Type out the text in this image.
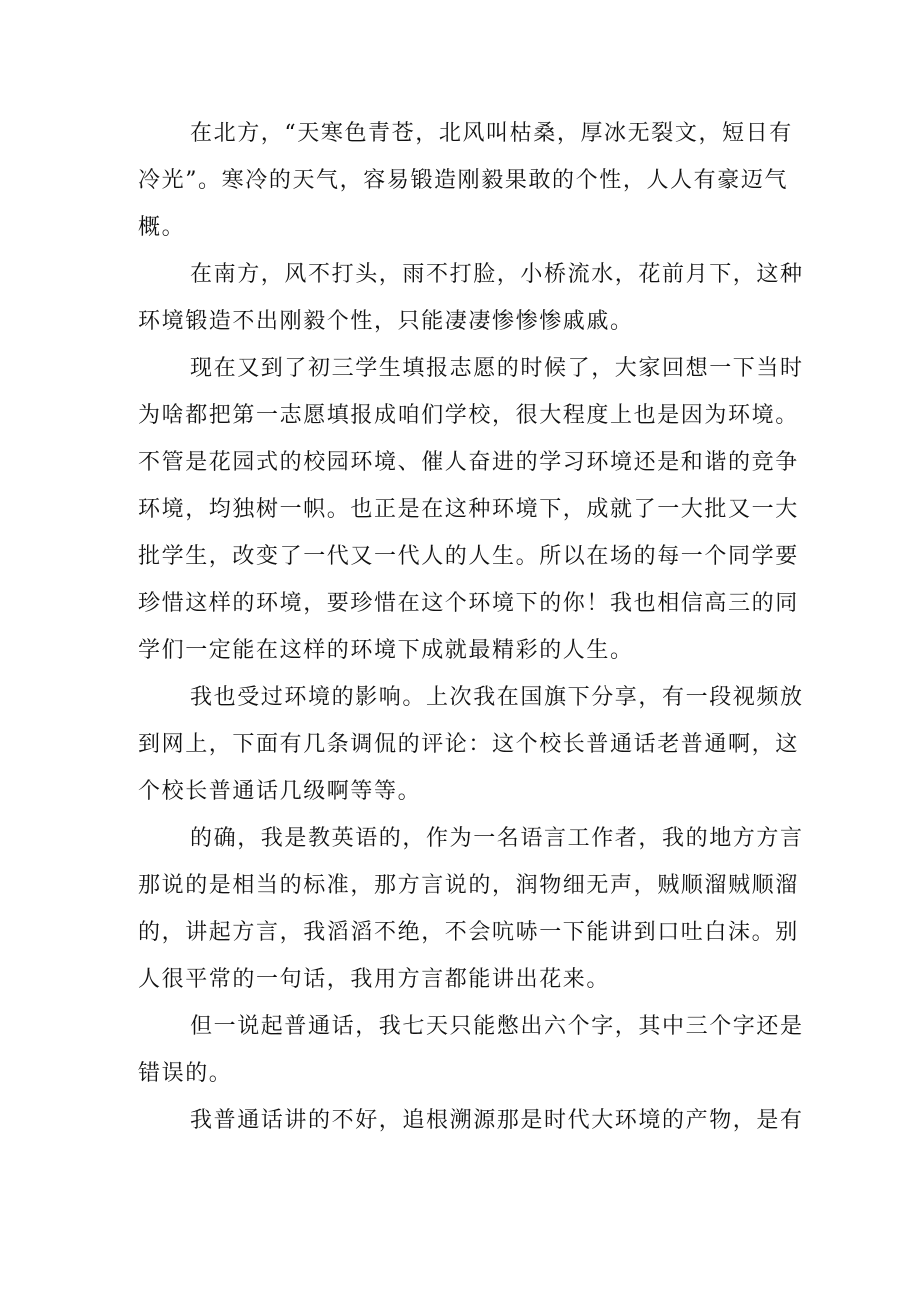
在北方，“天寒色青苍，北风叫枯桑，厚冰无裂文，短日有
冷光”。寒冷的天气，容易锻造刚毅果敢的个性，人人有豪迈气
概。
在南方，风不打头，雨不打脸，小桥流水，花前月下，这种
环境锻造不出刚毅个性，只能凄凄惨惨惨戚戚。
现在又到了初三学生填报志愿的时候了，大家回想一下当时
为啥都把第一志愿填报成咱们学校，很大程度上也是因为环境。
不管是花园式的校园环境、催人奋进的学习环境还是和谐的竞争
环境，均独树一帜。也正是在这种环境下，成就了一大批又一大
批学生，改变了一代又一代人的人生。所以在场的每一个同学要
珍惜这样的环境，要珍惜在这个环境下的你！我也相信高三的同
学们一定能在这样的环境下成就最精彩的人生。
我也受过环境的影响。上次我在国旗下分享，有一段视频放
到网上，下面有几条调侃的评论：这个校长普通话老普通啊，这
个校长普通话几级啊等等。
的确，我是教英语的，作为一名语言工作者，我的地方方言
那说的是相当的标准，那方言说的，润物细无声，贼顺溜贼顺溜
的，讲起方言，我滔滔不绝，不会吭哧一下能讲到口吐白沫。别
人很平常的一句话，我用方言都能讲出花来。
但一说起普通话，我七天只能憋出六个字，其中三个字还是
错误的。
我普通话讲的不好，追根溯源那是时代大环境的产物，是有
